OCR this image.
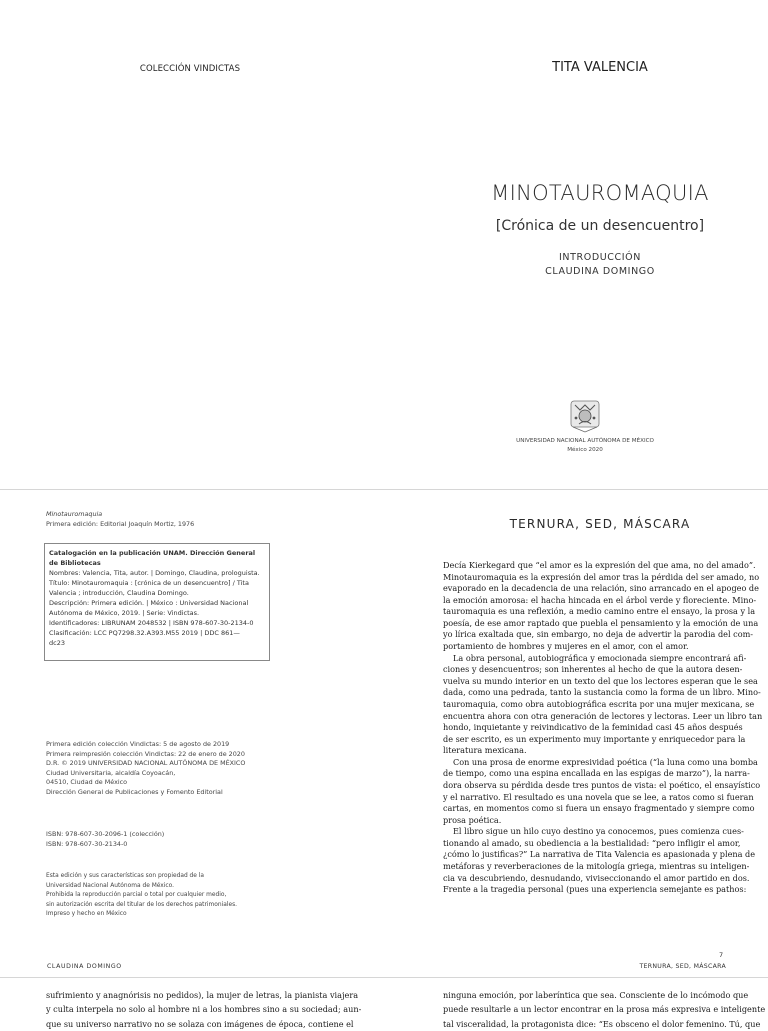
COLECCIÓN VINDICTAS	TITA VALENCIA
MINOTAUROMAQUIA
[Crónica de un desencuentro]
INTRODUCCIÓN
CLAUDINA DOMINGO
UNIVERSIDAD NACIONAL AUTÓNOMA DE MÉXICO
México 2020
Minotauromaquia
Primera edición: Editorial Joaquín Mortiz, 1976
Catalogación en la publicación UNAM. Dirección General de Bibliotecas
Nombres: Valencia, Tita, autor. | Domingo, Claudina, prologuista.
Título: Minotauromaquia : [crónica de un desencuentro] / Tita
Valencia ; introducción, Claudina Domingo.
Descripción: Primera edición. | México : Universidad Nacional
Autónoma de México, 2019. | Serie: Vindictas.
Identificadores: LIBRUNAM 2048532 | ISBN 978-607-30-2134-0
Clasificación: LCC PQ7298.32.A393.M55 2019 | DDC 861—
dc23
Primera edición colección Vindictas: 5 de agosto de 2019
Primera reimpresión colección Vindictas: 22 de enero de 2020
D.R. © 2019 UNIVERSIDAD NACIONAL AUTÓNOMA DE MÉXICO
Ciudad Universitaria, alcaldía Coyoacán,
04510, Ciudad de México
Dirección General de Publicaciones y Fomento Editorial
ISBN: 978-607-30-2096-1 (colección)
ISBN: 978-607-30-2134-0
Esta edición y sus características son propiedad de la
Universidad Nacional Autónoma de México.
Prohibida la reproducción parcial o total por cualquier medio,
sin autorización escrita del titular de los derechos patrimoniales.
Impreso y hecho en México
CLAUDINA DOMINGO
TERNURA, SED, MÁSCARA
Decía Kierkegard que “el amor es la expresión del que ama, no del amado”.
Minotauromaquia es la expresión del amor tras la pérdida del ser amado, no
evaporado en la decadencia de una relación, sino arrancado en el apogeo de
la emoción amorosa: el hacha hincada en el árbol verde y floreciente. Mino-
tauromaquia es una reflexión, a medio camino entre el ensayo, la prosa y la
poesía, de ese amor raptado que puebla el pensamiento y la emoción de una
yo lírica exaltada que, sin embargo, no deja de advertir la parodia del com-
portamiento de hombres y mujeres en el amor, con el amor.
La obra personal, autobiográfica y emocionada siempre encontrará afi-
ciones y desencuentros; son inherentes al hecho de que la autora desen-
vuelva su mundo interior en un texto del que los lectores esperan que le sea
dada, como una pedrada, tanto la sustancia como la forma de un libro. Mino-
tauromaquia, como obra autobiográfica escrita por una mujer mexicana, se
encuentra ahora con otra generación de lectores y lectoras. Leer un libro tan
hondo, inquietante y reivindicativo de la feminidad casi 45 años después
de ser escrito, es un experimento muy importante y enriquecedor para la
literatura mexicana.
Con una prosa de enorme expresividad poética (“la luna como una bomba
de tiempo, como una espina encallada en las espigas de marzo”), la narra-
dora observa su pérdida desde tres puntos de vista: el poético, el ensayístico
y el narrativo. El resultado es una novela que se lee, a ratos como si fueran
cartas, en momentos como si fuera un ensayo fragmentado y siempre como
prosa poética.
El libro sigue un hilo cuyo destino ya conocemos, pues comienza cues-
tionando al amado, su obediencia a la bestialidad: “pero infligir el amor,
¿cómo lo justificas?” La narrativa de Tita Valencia es apasionada y plena de
metáforas y reverberaciones de la mitología griega, mientras su inteligen-
cia va descubriendo, desnudando, viviseccionando el amor partido en dos.
Frente a la tragedia personal (pues una experiencia semejante es pathos:
7
TERNURA, SED, MÁSCARA
sufrimiento y anagnórisis no pedidos), la mujer de letras, la pianista viajera
y culta interpela no solo al hombre ni a los hombres sino a su sociedad; aun-
que su universo narrativo no se solaza con imágenes de época, contiene el
ninguna emoción, por laberíntica que sea. Consciente de lo incómodo que
puede resultarle a un lector encontrar en la prosa más expresiva e inteligente
tal visceralidad, la protagonista dice: “Es obsceno el dolor femenino. Tú, que
